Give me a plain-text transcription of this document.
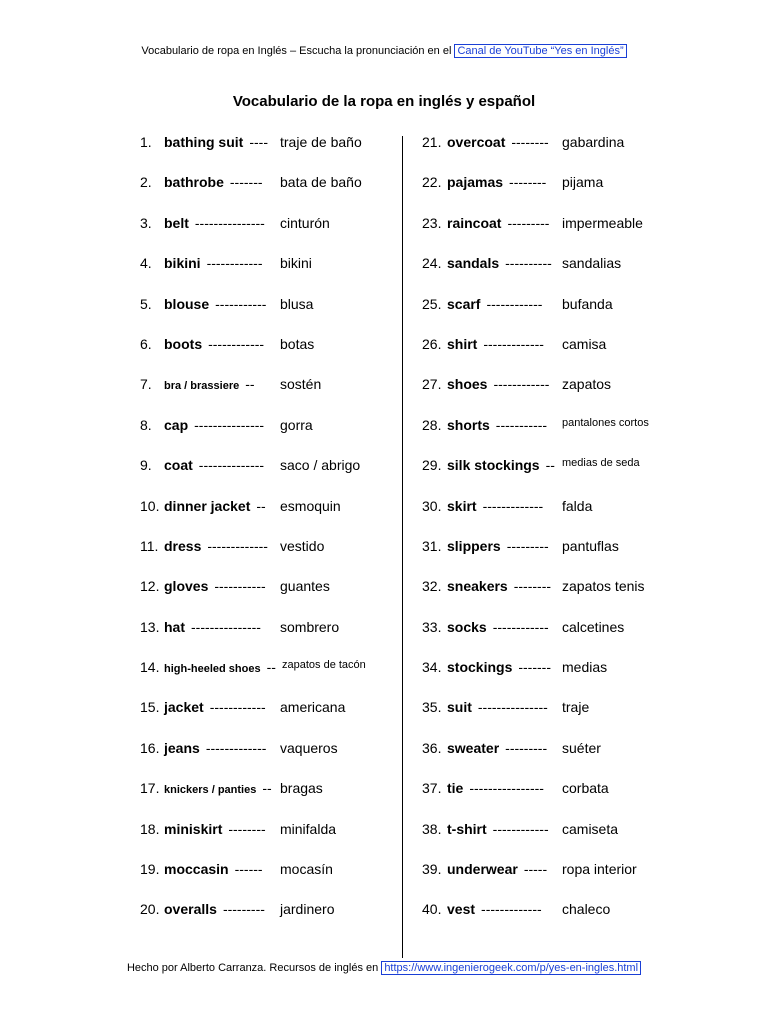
Vocabulario de ropa en Inglés – Escucha la pronunciación en el Canal de YouTube “Yes en Inglés”
Vocabulario de la ropa en inglés y español
1. bathing suit ---- traje de baño
2. bathrobe ------- bata de baño
3. belt --------------- cinturón
4. bikini ------------ bikini
5. blouse ----------- blusa
6. boots ------------ botas
7. bra / brassiere -- sostén
8. cap --------------- gorra
9. coat -------------- saco / abrigo
10. dinner jacket -- esmoquin
11. dress ------------- vestido
12. gloves ----------- guantes
13. hat --------------- sombrero
14. high-heeled shoes -- zapatos de tacón
15. jacket ------------ americana
16. jeans ------------- vaqueros
17. knickers / panties -- bragas
18. miniskirt -------- minifalda
19. moccasin ------ mocasín
20. overalls --------- jardinero
21. overcoat -------- gabardina
22. pajamas -------- pijama
23. raincoat --------- impermeable
24. sandals ---------- sandalias
25. scarf ------------ bufanda
26. shirt ------------- camisa
27. shoes ------------ zapatos
28. shorts ----------- pantalones cortos
29. silk stockings -- medias de seda
30. skirt ------------- falda
31. slippers --------- pantuflas
32. sneakers -------- zapatos tenis
33. socks ------------ calcetines
34. stockings ------- medias
35. suit --------------- traje
36. sweater --------- suéter
37. tie ---------------- corbata
38. t-shirt ------------ camiseta
39. underwear ----- ropa interior
40. vest ------------- chaleco
Hecho por Alberto Carranza. Recursos de inglés en https://www.ingenierogeek.com/p/yes-en-ingles.html
